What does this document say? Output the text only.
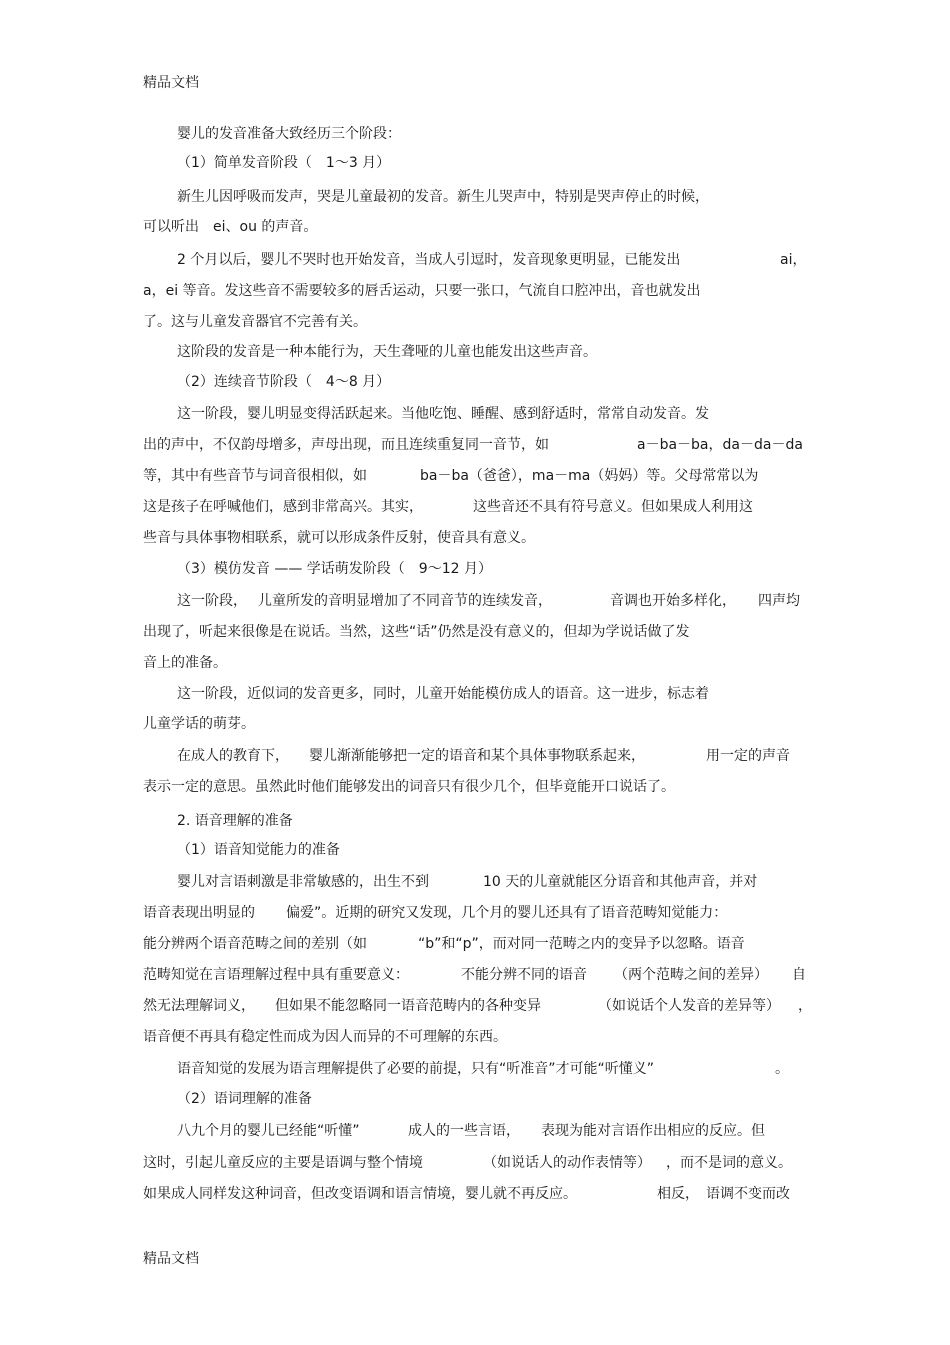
精品文档
婴儿的发音准备大致经历三个阶段：
（1）简单发音阶段（　1～3 月）
新生儿因呼吸而发声，哭是儿童最初的发音。新生儿哭声中，特别是哭声停止的时候，
可以听出　ei、ou 的声音。
2 个月以后，婴儿不哭时也开始发音，当成人引逗时，发音现象更明显，已能发出	ai，
a，ei 等音。发这些音不需要较多的唇舌运动，只要一张口，气流自口腔冲出，音也就发出
了。这与儿童发音器官不完善有关。
这阶段的发音是一种本能行为，天生聋哑的儿童也能发出这些声音。
（2）连续音节阶段（　4～8 月）
这一阶段，婴儿明显变得活跃起来。当他吃饱、睡醒、感到舒适时，常常自动发音。发
出的声中，不仅韵母增多，声母出现，而且连续重复同一音节，如	a－ba－ba，da－da－da
等，其中有些音节与词音很相似，如	ba－ba（爸爸），ma－ma（妈妈）等。父母常常以为
这是孩子在呼喊他们，感到非常高兴。其实，	这些音还不具有符号意义。但如果成人利用这
些音与具体事物相联系，就可以形成条件反射，使音具有意义。
（3）模仿发音 —— 学话萌发阶段（　9～12 月）
这一阶段， 儿童所发的音明显增加了不同音节的连续发音，	音调也开始多样化， 四声均
出现了，听起来很像是在说话。当然，这些“话”仍然是没有意义的，但却为学说话做了发
音上的准备。
这一阶段，近似词的发音更多，同时，儿童开始能模仿成人的语音。这一进步，标志着
儿童学话的萌芽。
在成人的教育下，	婴儿渐渐能够把一定的语音和某个具体事物联系起来，	用一定的声音
表示一定的意思。虽然此时他们能够发出的词音只有很少几个，但毕竟能开口说话了。
2. 语音理解的准备
（1）语音知觉能力的准备
婴儿对言语刺激是非常敏感的，出生不到	10 天的儿童就能区分语音和其他声音，并对
语音表现出明显的	偏爱”。近期的研究又发现，几个月的婴儿还具有了语音范畴知觉能力：
能分辨两个语音范畴之间的差别（如	“b”和“p”，而对同一范畴之内的变异予以忽略。语音
范畴知觉在言语理解过程中具有重要意义：	不能分辨不同的语音 （两个范畴之间的差异） 自
然无法理解词义，	但如果不能忽略同一语音范畴内的各种变异	（如说话个人发音的差异等） ，
语音便不再具有稳定性而成为因人而异的不可理解的东西。
语音知觉的发展为语言理解提供了必要的前提，只有“听准音”才可能“听懂义”	。
（2）语词理解的准备
八九个月的婴儿已经能“听懂”	成人的一些言语， 表现为能对言语作出相应的反应。但
这时，引起儿童反应的主要是语调与整个情境	（如说话人的动作表情等） ，而不是词的意义。
如果成人同样发这种词音，但改变语调和语言情境，婴儿就不再反应。	相反， 语调不变而改
精品文档
